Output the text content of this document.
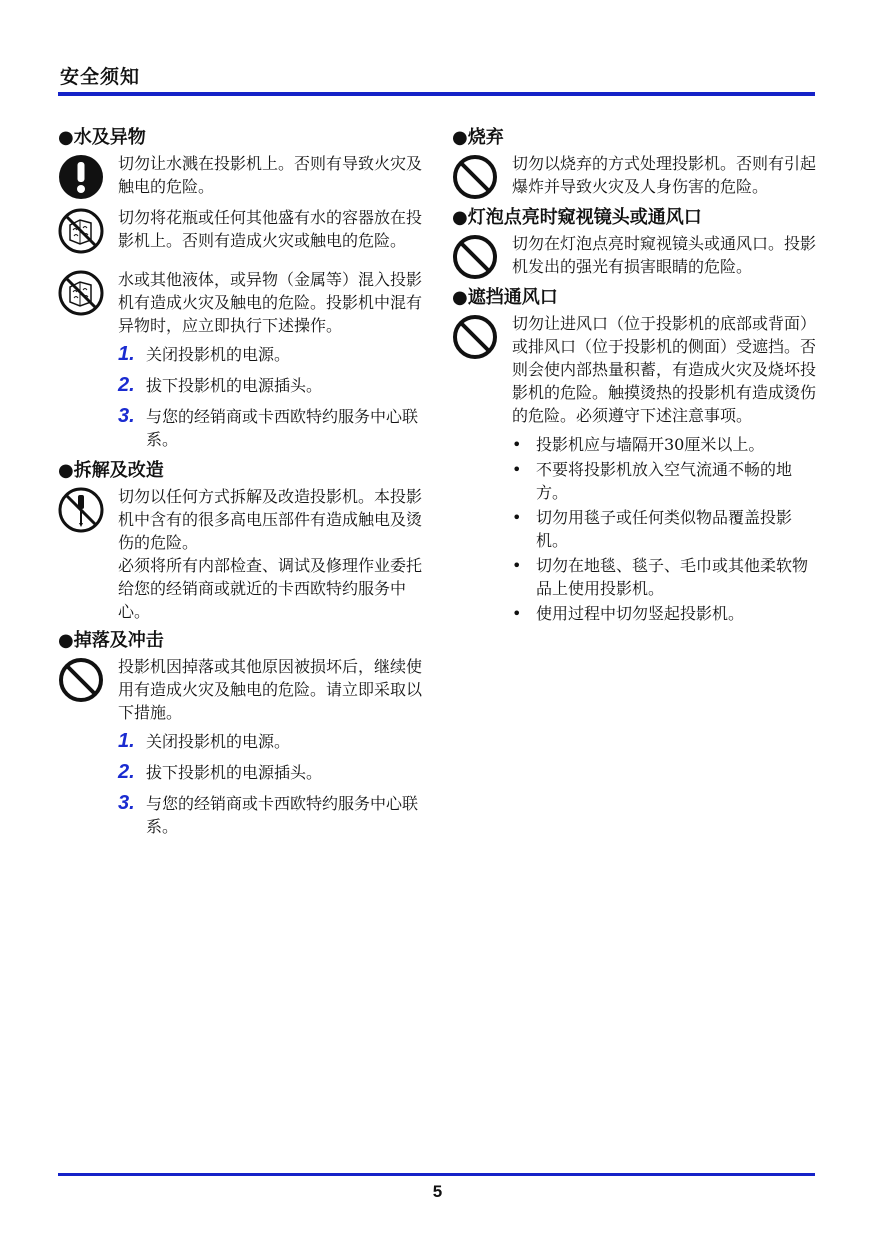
安全须知
●水及异物
切勿让水溅在投影机上。否则有导致火灾及触电的危险。
切勿将花瓶或任何其他盛有水的容器放在投影机上。否则有造成火灾或触电的危险。
水或其他液体，或异物（金属等）混入投影机有造成火灾及触电的危险。投影机中混有异物时，应立即执行下述操作。
1. 关闭投影机的电源。
2. 拔下投影机的电源插头。
3. 与您的经销商或卡西欧特约服务中心联系。
●拆解及改造
切勿以任何方式拆解及改造投影机。本投影机中含有的很多高电压部件有造成触电及烫伤的危险。
必须将所有内部检查、调试及修理作业委托给您的经销商或就近的卡西欧特约服务中心。
●掉落及冲击
投影机因掉落或其他原因被损坏后，继续使用有造成火灾及触电的危险。请立即采取以下措施。
1. 关闭投影机的电源。
2. 拔下投影机的电源插头。
3. 与您的经销商或卡西欧特约服务中心联系。
●烧弃
切勿以烧弃的方式处理投影机。否则有引起爆炸并导致火灾及人身伤害的危险。
●灯泡点亮时窥视镜头或通风口
切勿在灯泡点亮时窥视镜头或通风口。投影机发出的强光有损害眼睛的危险。
●遮挡通风口
切勿让进风口（位于投影机的底部或背面）或排风口（位于投影机的侧面）受遮挡。否则会使内部热量积蓄，有造成火灾及烧坏投影机的危险。触摸烫热的投影机有造成烫伤的危险。必须遵守下述注意事项。
• 投影机应与墙隔开30厘米以上。
• 不要将投影机放入空气流通不畅的地方。
• 切勿用毯子或任何类似物品覆盖投影机。
• 切勿在地毯、毯子、毛巾或其他柔软物品上使用投影机。
• 使用过程中切勿竖起投影机。
5
